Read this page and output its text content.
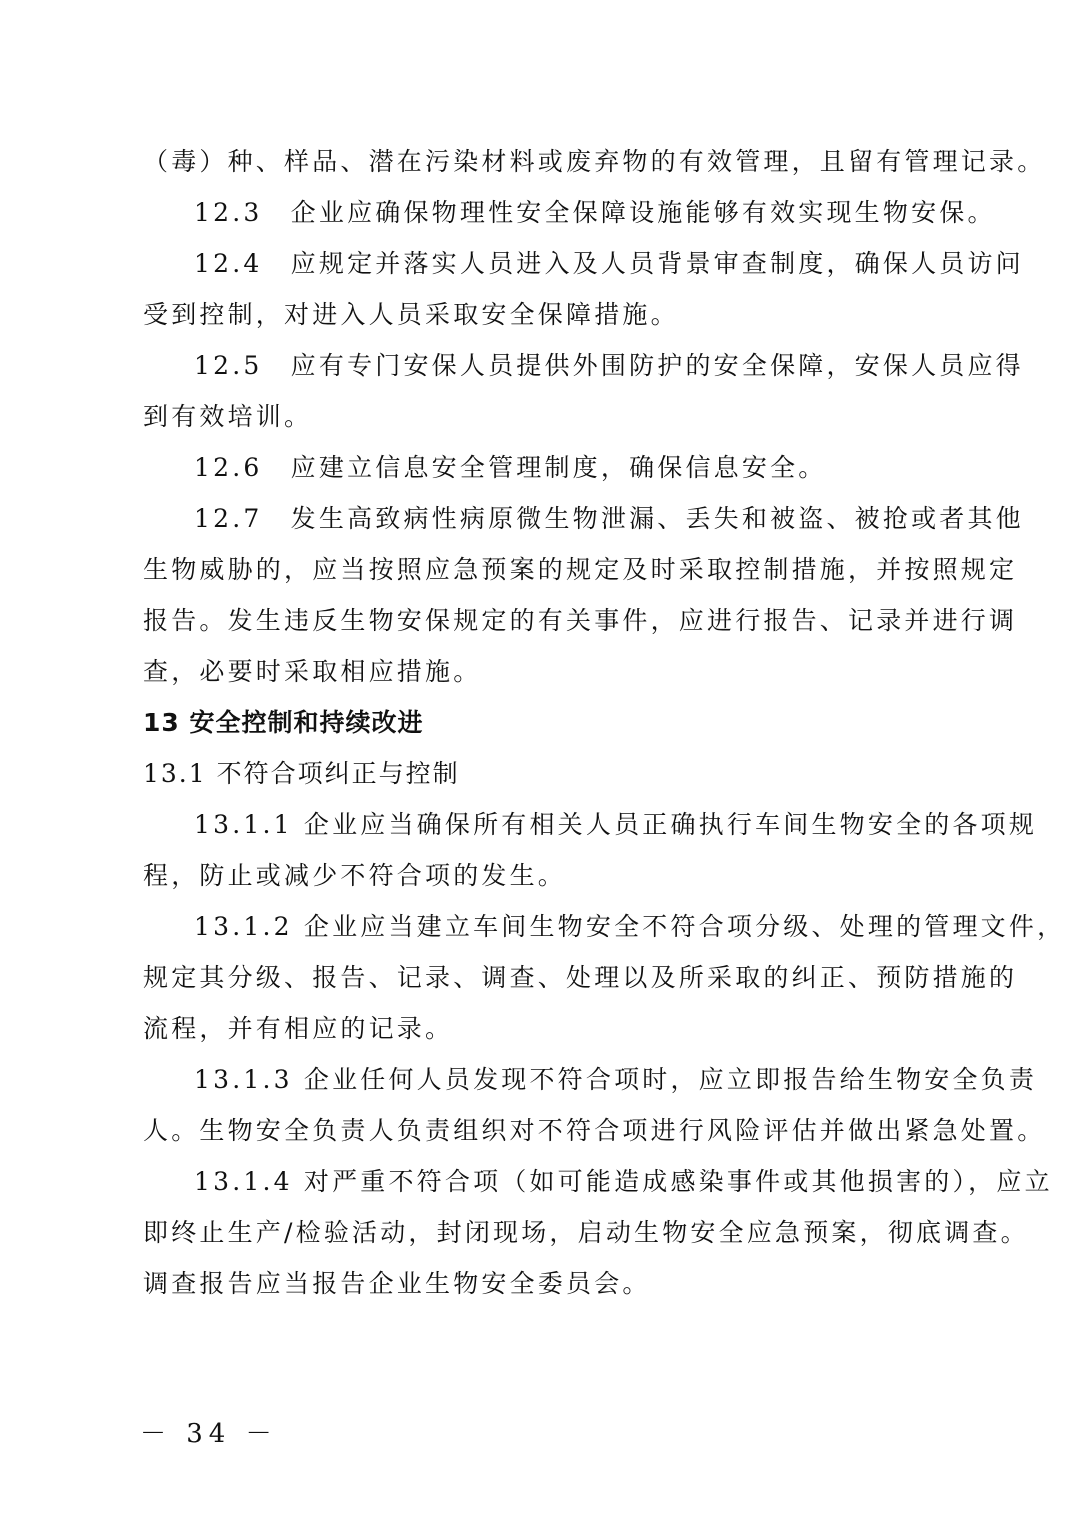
（毒）种、样品、潜在污染材料或废弃物的有效管理，且留有管理记录。
12.3　企业应确保物理性安全保障设施能够有效实现生物安保。
12.4　应规定并落实人员进入及人员背景审查制度，确保人员访问
受到控制，对进入人员采取安全保障措施。
12.5　应有专门安保人员提供外围防护的安全保障，安保人员应得
到有效培训。
12.6　应建立信息安全管理制度，确保信息安全。
12.7　发生高致病性病原微生物泄漏、丢失和被盗、被抢或者其他
生物威胁的，应当按照应急预案的规定及时采取控制措施，并按照规定
报告。发生违反生物安保规定的有关事件，应进行报告、记录并进行调
查，必要时采取相应措施。
13 安全控制和持续改进
13.1 不符合项纠正与控制
13.1.1 企业应当确保所有相关人员正确执行车间生物安全的各项规
程，防止或减少不符合项的发生。
13.1.2 企业应当建立车间生物安全不符合项分级、处理的管理文件，
规定其分级、报告、记录、调查、处理以及所采取的纠正、预防措施的
流程，并有相应的记录。
13.1.3 企业任何人员发现不符合项时，应立即报告给生物安全负责
人。生物安全负责人负责组织对不符合项进行风险评估并做出紧急处置。
13.1.4 对严重不符合项（如可能造成感染事件或其他损害的），应立
即终止生产/检验活动，封闭现场，启动生物安全应急预案，彻底调查。
调查报告应当报告企业生物安全委员会。
－ 34 －
